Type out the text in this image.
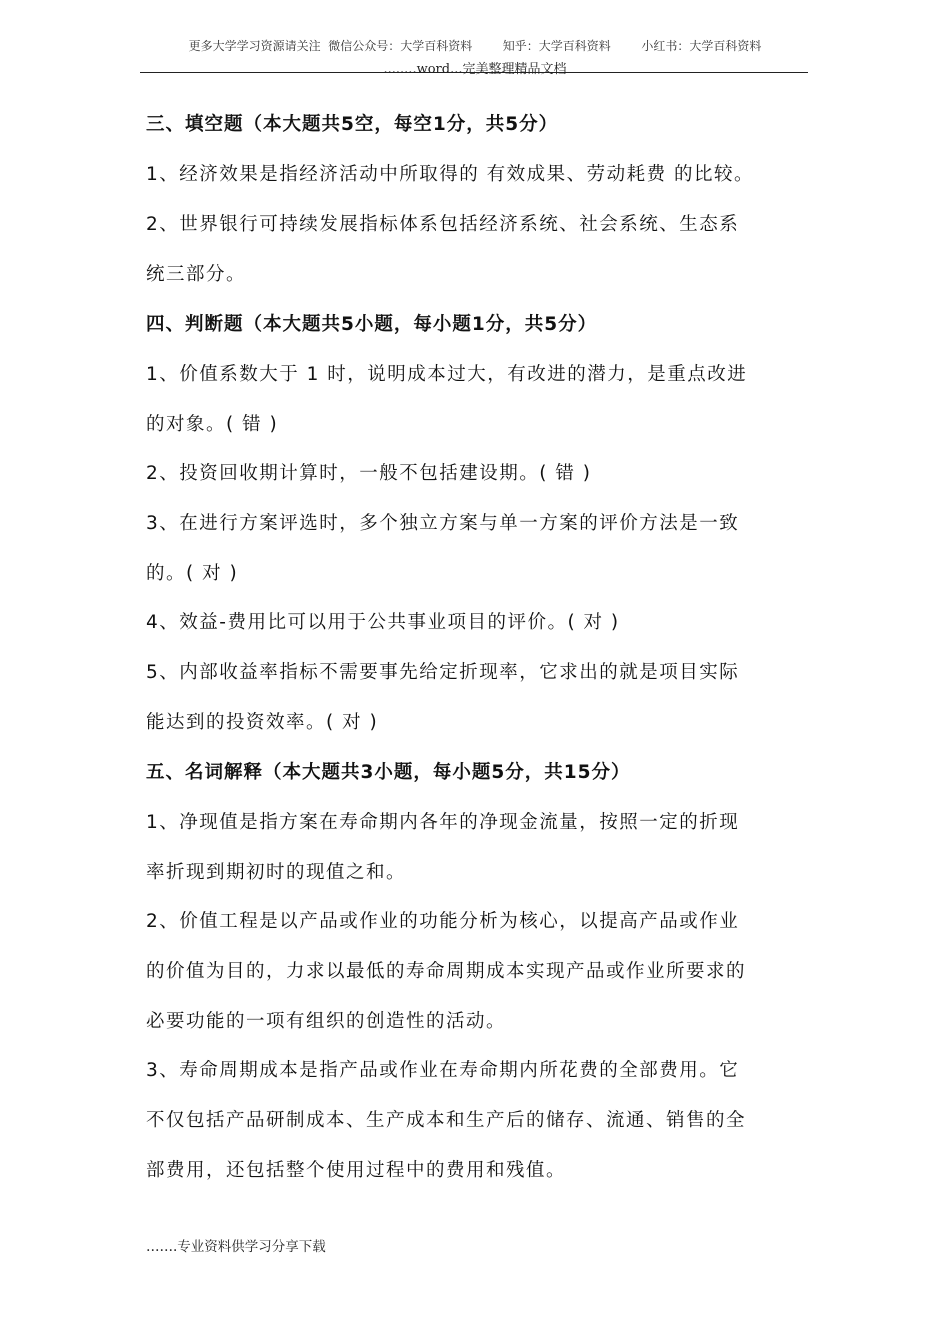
更多大学学习资源请关注  微信公众号：大学百科资料        知乎：大学百科资料        小红书：大学百科资料
........word...完美整理精品文档
三、填空题（本大题共5空，每空1分，共5分）
1、经济效果是指经济活动中所取得的 有效成果、劳动耗费 的比较。
2、世界银行可持续发展指标体系包括经济系统、社会系统、生态系
统三部分。
四、判断题（本大题共5小题，每小题1分，共5分）
1、价值系数大于 1 时，说明成本过大，有改进的潜力，是重点改进
的对象。( 错 )
2、投资回收期计算时，一般不包括建设期。( 错 )
3、在进行方案评选时，多个独立方案与单一方案的评价方法是一致
的。( 对 )
4、效益-费用比可以用于公共事业项目的评价。( 对 )
5、内部收益率指标不需要事先给定折现率，它求出的就是项目实际
能达到的投资效率。( 对 )
五、名词解释（本大题共3小题，每小题5分，共15分）
1、净现值是指方案在寿命期内各年的净现金流量，按照一定的折现
率折现到期初时的现值之和。
2、价值工程是以产品或作业的功能分析为核心，以提高产品或作业
的价值为目的，力求以最低的寿命周期成本实现产品或作业所要求的
必要功能的一项有组织的创造性的活动。
3、寿命周期成本是指产品或作业在寿命期内所花费的全部费用。它
不仅包括产品研制成本、生产成本和生产后的储存、流通、销售的全
部费用，还包括整个使用过程中的费用和残值。
…….专业资料供学习分享下载
